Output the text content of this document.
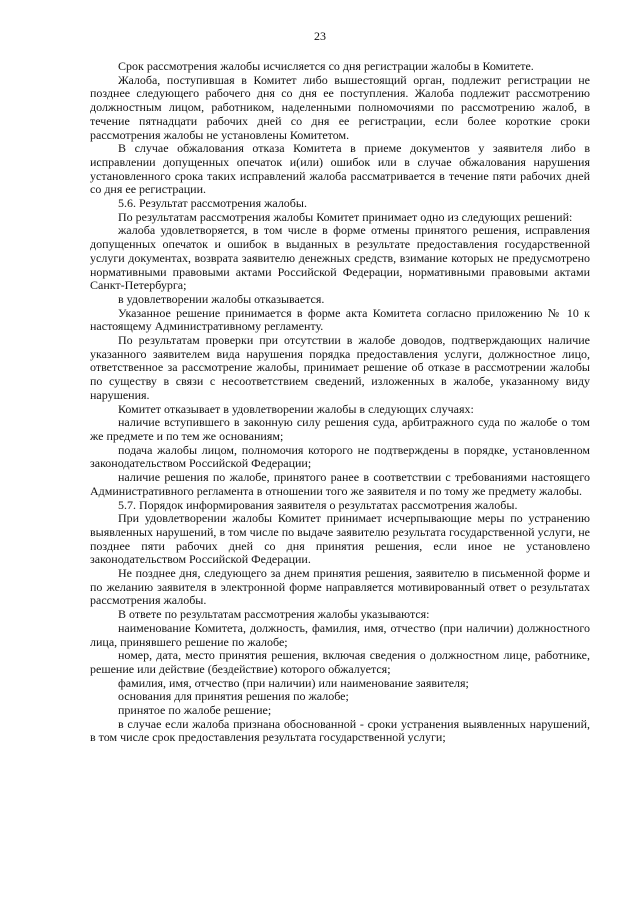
23

Срок рассмотрения жалобы исчисляется со дня регистрации жалобы в Комитете.

Жалоба, поступившая в Комитет либо вышестоящий орган, подлежит регистрации не позднее следующего рабочего дня со дня ее поступления. Жалоба подлежит рассмотрению должностным лицом, работником, наделенными полномочиями по рассмотрению жалоб, в течение пятнадцати рабочих дней со дня ее регистрации, если более короткие сроки рассмотрения жалобы не установлены Комитетом.

В случае обжалования отказа Комитета в приеме документов у заявителя либо в исправлении допущенных опечаток и(или) ошибок или в случае обжалования нарушения установленного срока таких исправлений жалоба рассматривается в течение пяти рабочих дней со дня ее регистрации.

5.6. Результат рассмотрения жалобы.

По результатам рассмотрения жалобы Комитет принимает одно из следующих решений:

жалоба удовлетворяется, в том числе в форме отмены принятого решения, исправления допущенных опечаток и ошибок в выданных в результате предоставления государственной услуги документах, возврата заявителю денежных средств, взимание которых не предусмотрено нормативными правовыми актами Российской Федерации, нормативными правовыми актами Санкт-Петербурга;

в удовлетворении жалобы отказывается.

Указанное решение принимается в форме акта Комитета согласно приложению № 10 к настоящему Административному регламенту.

По результатам проверки при отсутствии в жалобе доводов, подтверждающих наличие указанного заявителем вида нарушения порядка предоставления услуги, должностное лицо, ответственное за рассмотрение жалобы, принимает решение об отказе в рассмотрении жалобы по существу в связи с несоответствием сведений, изложенных в жалобе, указанному виду нарушения.

Комитет отказывает в удовлетворении жалобы в следующих случаях:

наличие вступившего в законную силу решения суда, арбитражного суда по жалобе о том же предмете и по тем же основаниям;

подача жалобы лицом, полномочия которого не подтверждены в порядке, установленном законодательством Российской Федерации;

наличие решения по жалобе, принятого ранее в соответствии с требованиями настоящего Административного регламента в отношении того же заявителя и по тому же предмету жалобы.

5.7. Порядок информирования заявителя о результатах рассмотрения жалобы.

При удовлетворении жалобы Комитет принимает исчерпывающие меры по устранению выявленных нарушений, в том числе по выдаче заявителю результата государственной услуги, не позднее пяти рабочих дней со дня принятия решения, если иное не установлено законодательством Российской Федерации.

Не позднее дня, следующего за днем принятия решения, заявителю в письменной форме и по желанию заявителя в электронной форме направляется мотивированный ответ о результатах рассмотрения жалобы.

В ответе по результатам рассмотрения жалобы указываются:

наименование Комитета, должность, фамилия, имя, отчество (при наличии) должностного лица, принявшего решение по жалобе;

номер, дата, место принятия решения, включая сведения о должностном лице, работнике, решение или действие (бездействие) которого обжалуется;

фамилия, имя, отчество (при наличии) или наименование заявителя;

основания для принятия решения по жалобе;

принятое по жалобе решение;

в случае если жалоба признана обоснованной - сроки устранения выявленных нарушений, в том числе срок предоставления результата государственной услуги;
